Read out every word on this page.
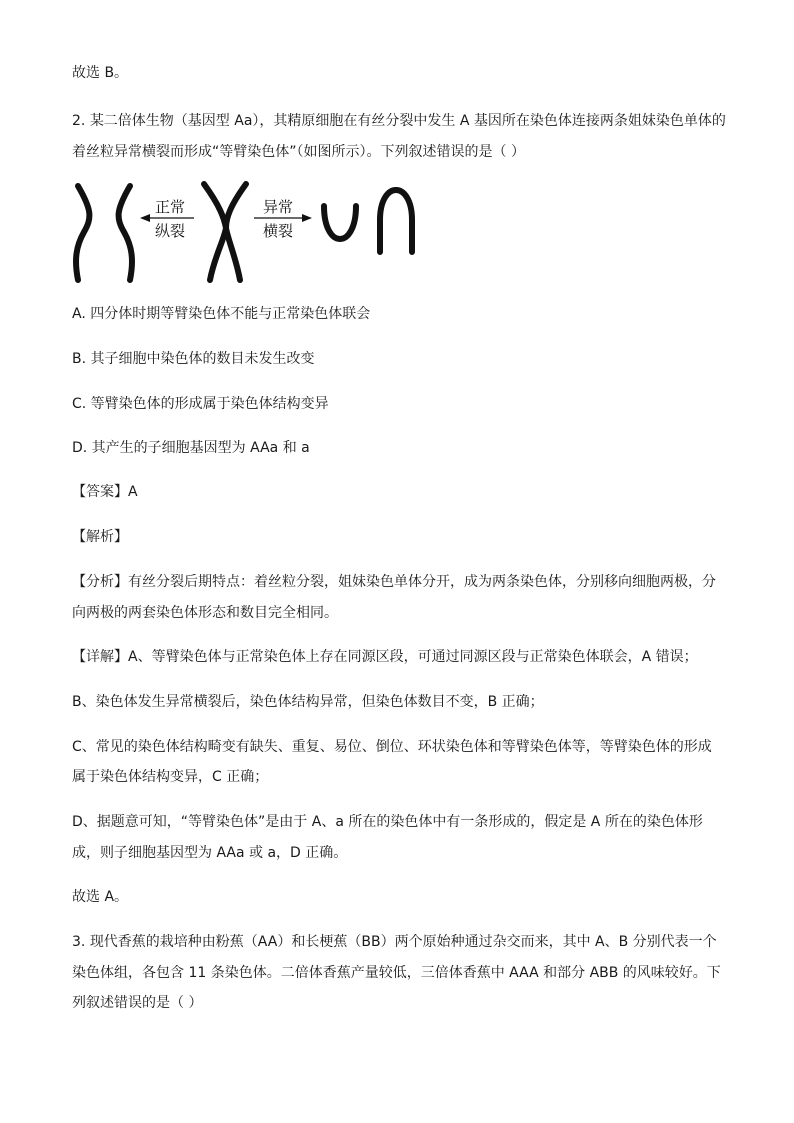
故选 B。
2. 某二倍体生物（基因型 Aa），其精原细胞在有丝分裂中发生 A 基因所在染色体连接两条姐妹染色单体的
着丝粒异常横裂而形成“等臂染色体”（如图所示）。下列叙述错误的是（ ）
正常
纵裂
异常
横裂
A. 四分体时期等臂染色体不能与正常染色体联会
B. 其子细胞中染色体的数目未发生改变
C. 等臂染色体的形成属于染色体结构变异
D. 其产生的子细胞基因型为 AAa 和 a
【答案】A
【解析】
【分析】有丝分裂后期特点：着丝粒分裂，姐妹染色单体分开，成为两条染色体，分别移向细胞两极，分
向两极的两套染色体形态和数目完全相同。
【详解】A、等臂染色体与正常染色体上存在同源区段，可通过同源区段与正常染色体联会，A 错误；
B、染色体发生异常横裂后，染色体结构异常，但染色体数目不变，B 正确；
C、常见的染色体结构畸变有缺失、重复、易位、倒位、环状染色体和等臂染色体等，等臂染色体的形成
属于染色体结构变异，C 正确；
D、据题意可知，“等臂染色体”是由于 A、a 所在的染色体中有一条形成的，假定是 A 所在的染色体形
成，则子细胞基因型为 AAa 或 a，D 正确。
故选 A。
3. 现代香蕉的栽培种由粉蕉（AA）和长梗蕉（BB）两个原始种通过杂交而来，其中 A、B 分别代表一个
染色体组，各包含 11 条染色体。二倍体香蕉产量较低，三倍体香蕉中 AAA 和部分 ABB 的风味较好。下
列叙述错误的是（ ）
